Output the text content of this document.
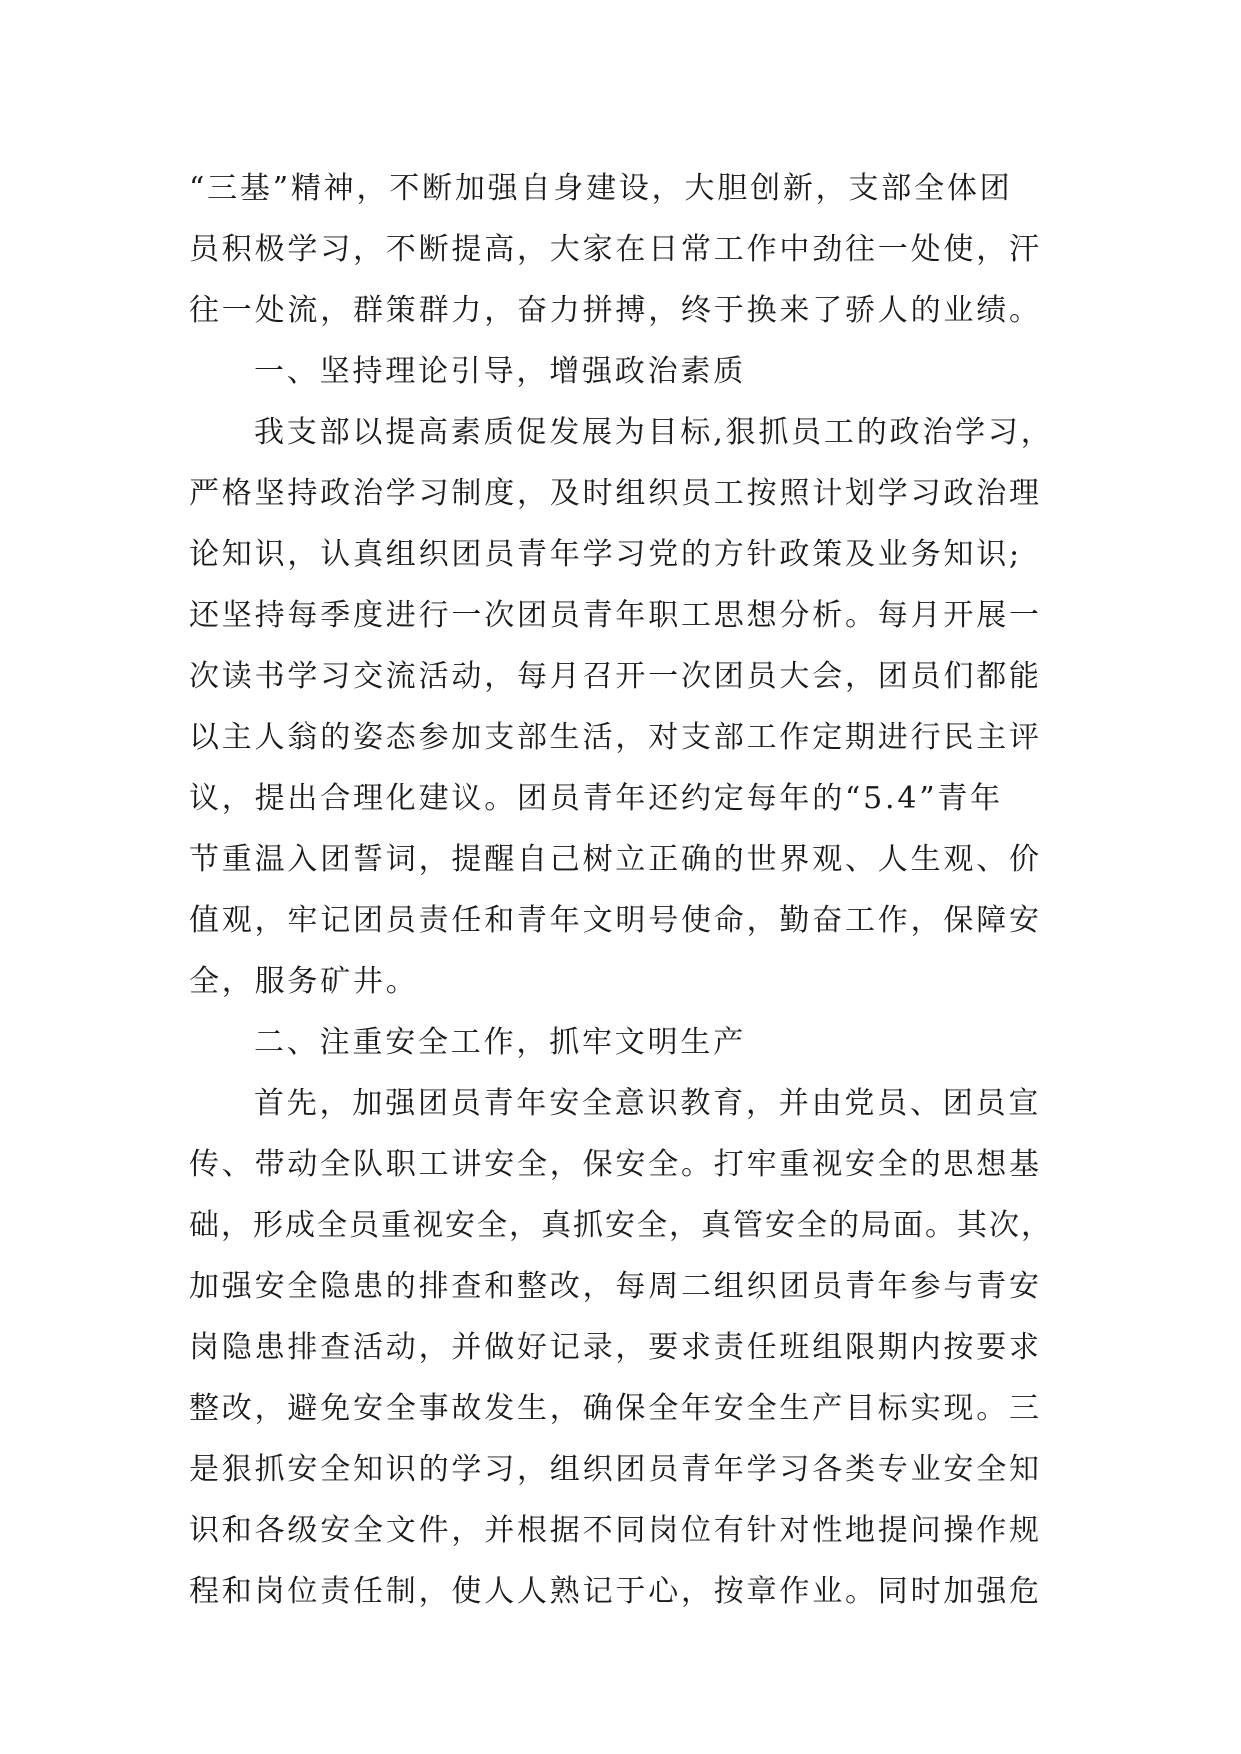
“三基”精神，不断加强自身建设，大胆创新，支部全体团
员积极学习，不断提高，大家在日常工作中劲往一处使，汗
往一处流，群策群力，奋力拼搏，终于换来了骄人的业绩。
一、坚持理论引导，增强政治素质
我支部以提高素质促发展为目标,狠抓员工的政治学习，
严格坚持政治学习制度，及时组织员工按照计划学习政治理
论知识，认真组织团员青年学习党的方针政策及业务知识;
还坚持每季度进行一次团员青年职工思想分析。每月开展一
次读书学习交流活动，每月召开一次团员大会，团员们都能
以主人翁的姿态参加支部生活，对支部工作定期进行民主评
议，提出合理化建议。团员青年还约定每年的“5.4”青年
节重温入团誓词，提醒自己树立正确的世界观、人生观、价
值观，牢记团员责任和青年文明号使命，勤奋工作，保障安
全，服务矿井。
二、注重安全工作，抓牢文明生产
首先，加强团员青年安全意识教育，并由党员、团员宣
传、带动全队职工讲安全，保安全。打牢重视安全的思想基
础，形成全员重视安全，真抓安全，真管安全的局面。其次，
加强安全隐患的排查和整改，每周二组织团员青年参与青安
岗隐患排查活动，并做好记录，要求责任班组限期内按要求
整改，避免安全事故发生，确保全年安全生产目标实现。三
是狠抓安全知识的学习，组织团员青年学习各类专业安全知
识和各级安全文件，并根据不同岗位有针对性地提问操作规
程和岗位责任制，使人人熟记于心，按章作业。同时加强危
